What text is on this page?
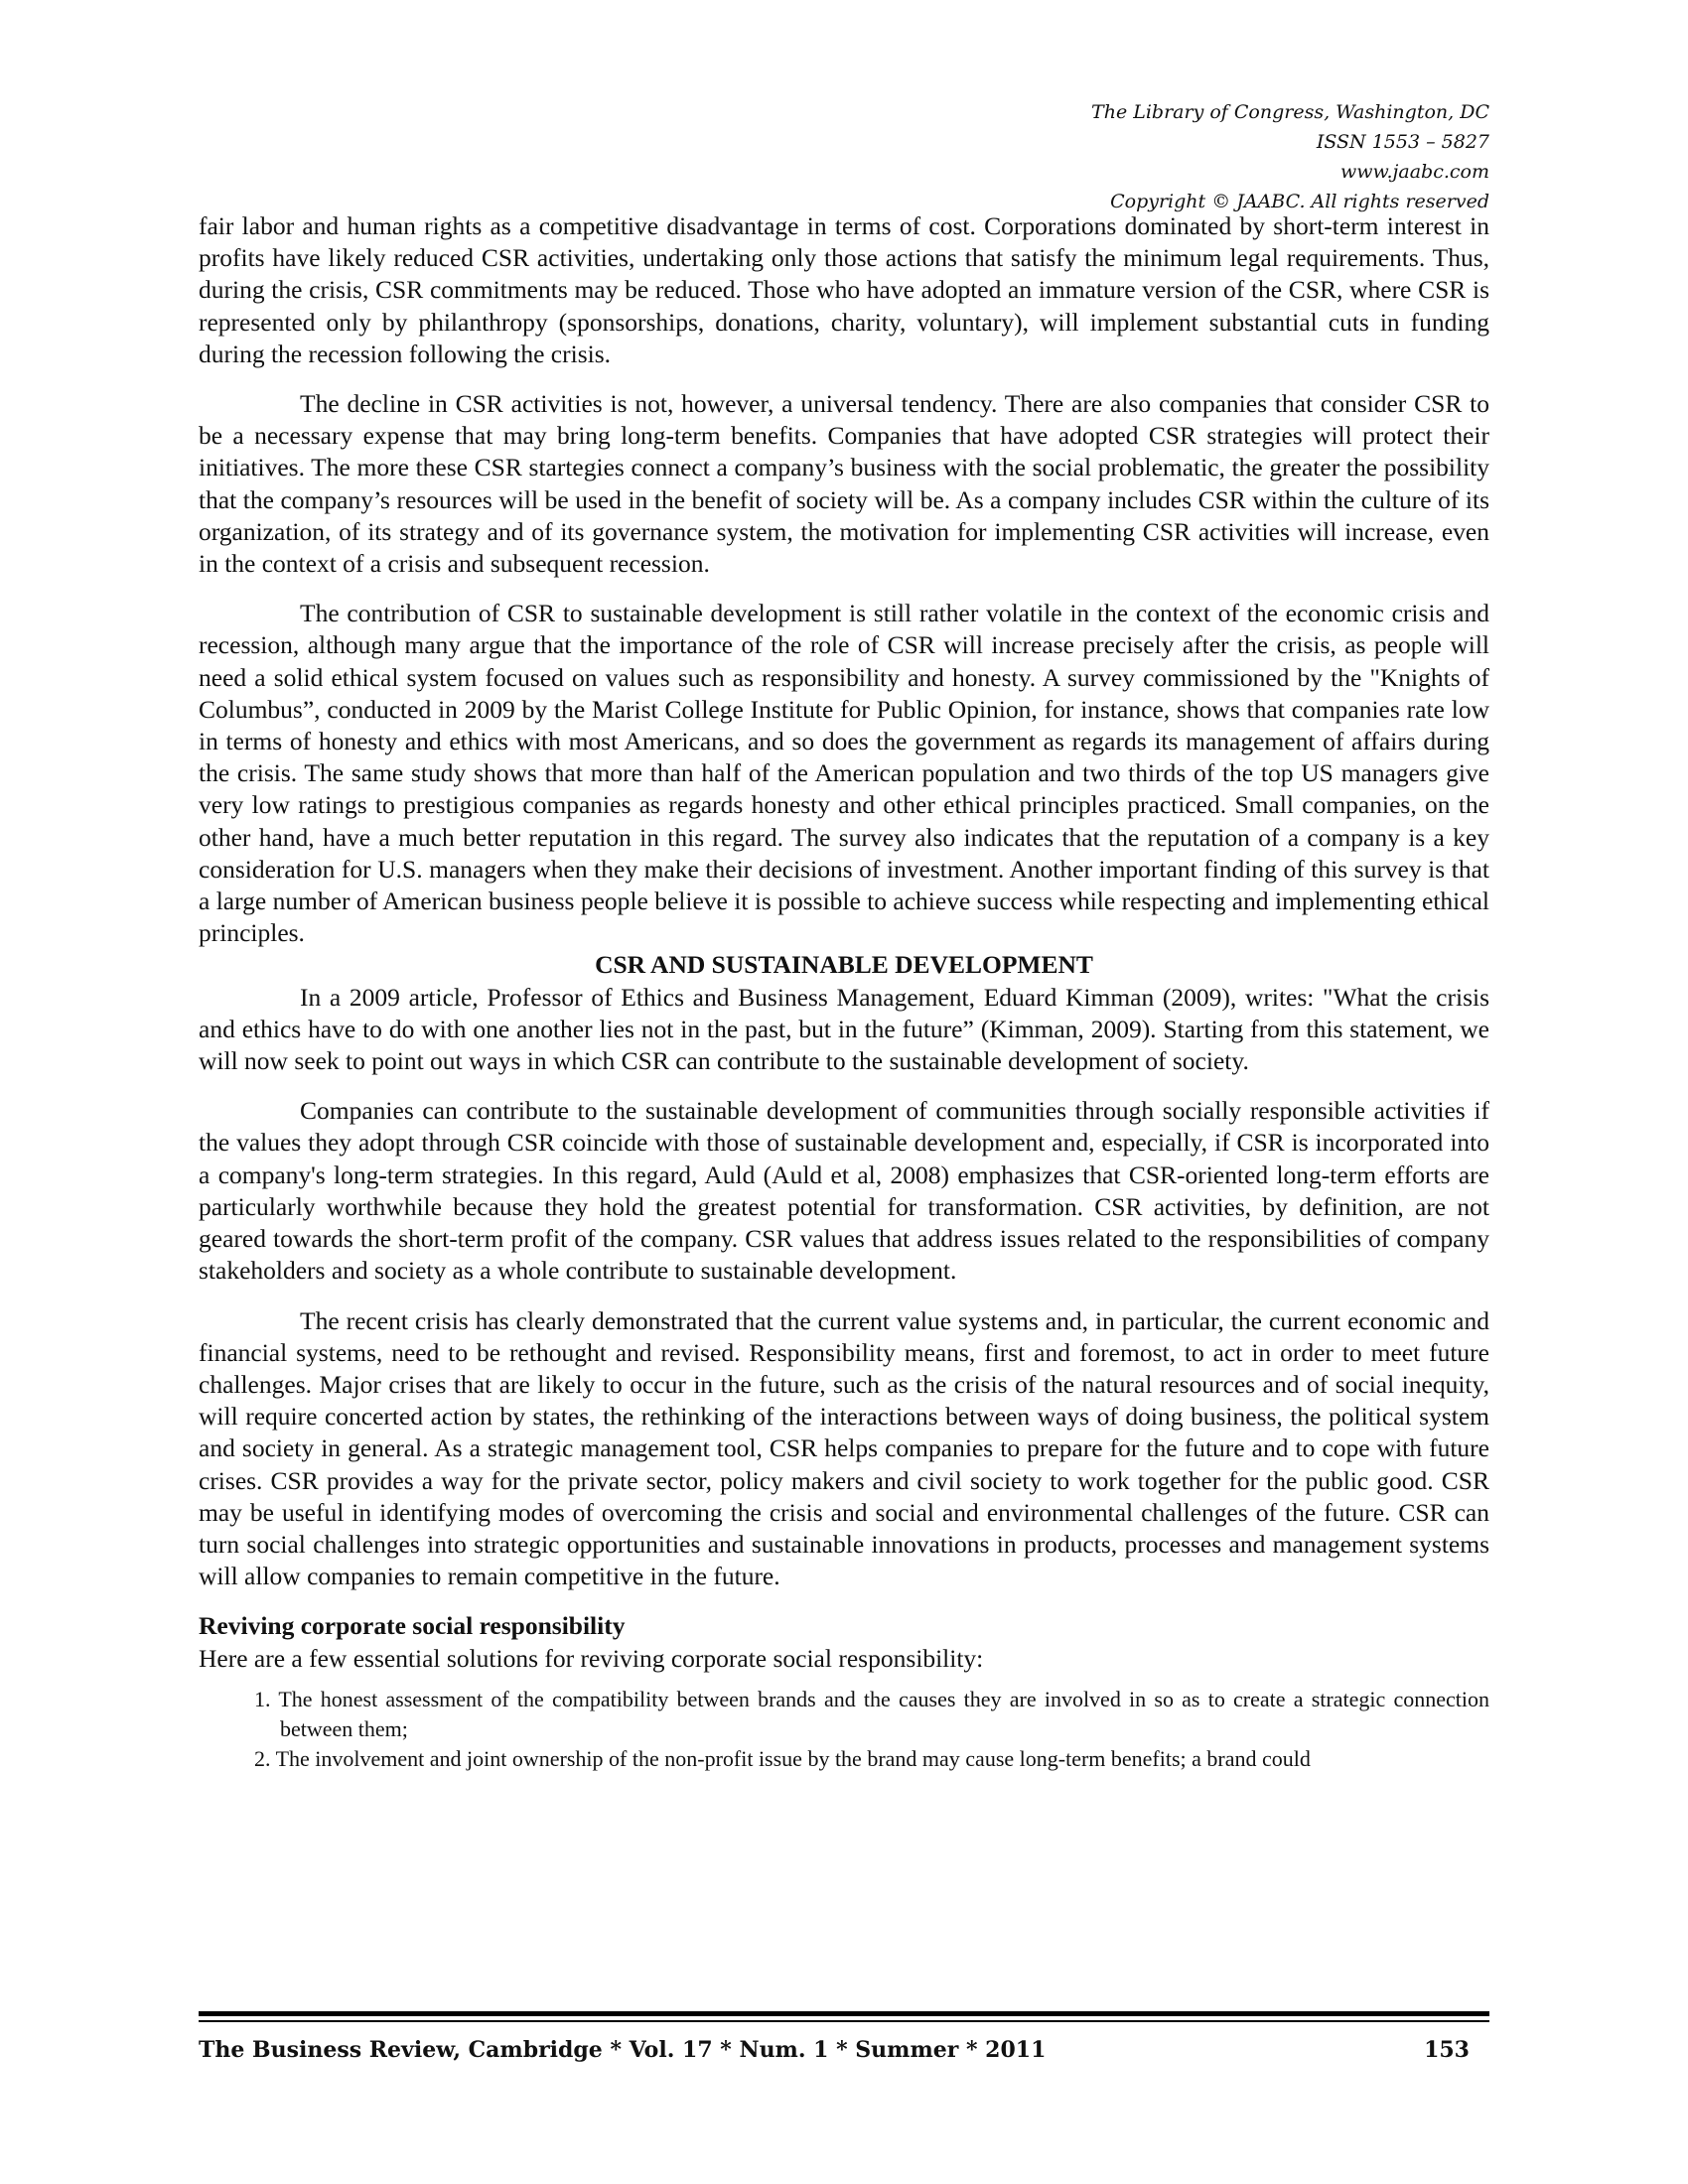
The Library of Congress, Washington, DC
ISSN 1553 – 5827
www.jaabc.com
Copyright © JAABC. All rights reserved

fair labor and human rights as a competitive disadvantage in terms of cost. Corporations dominated by short-term interest in profits have likely reduced CSR activities, undertaking only those actions that satisfy the minimum legal requirements. Thus, during the crisis, CSR commitments may be reduced. Those who have adopted an immature version of the CSR, where CSR is represented only by philanthropy (sponsorships, donations, charity, voluntary), will implement substantial cuts in funding during the recession following the crisis.

The decline in CSR activities is not, however, a universal tendency. There are also companies that consider CSR to be a necessary expense that may bring long-term benefits. Companies that have adopted CSR strategies will protect their initiatives. The more these CSR startegies connect a company’s business with the social problematic, the greater the possibility that the company’s resources will be used in the benefit of society will be. As a company includes CSR within the culture of its organization, of its strategy and of its governance system, the motivation for implementing CSR activities will increase, even in the context of a crisis and subsequent recession.

The contribution of CSR to sustainable development is still rather volatile in the context of the economic crisis and recession, although many argue that the importance of the role of CSR will increase precisely after the crisis, as people will need a solid ethical system focused on values such as responsibility and honesty. A survey commissioned by the "Knights of Columbus”, conducted in 2009 by the Marist College Institute for Public Opinion, for instance, shows that companies rate low in terms of honesty and ethics with most Americans, and so does the government as regards its management of affairs during the crisis. The same study shows that more than half of the American population and two thirds of the top US managers give very low ratings to prestigious companies as regards honesty and other ethical principles practiced. Small companies, on the other hand, have a much better reputation in this regard. The survey also indicates that the reputation of a company is a key consideration for U.S. managers when they make their decisions of investment. Another important finding of this survey is that a large number of American business people believe it is possible to achieve success while respecting and implementing ethical principles.

CSR AND SUSTAINABLE DEVELOPMENT

In a 2009 article, Professor of Ethics and Business Management, Eduard Kimman (2009), writes: "What the crisis and ethics have to do with one another lies not in the past, but in the future” (Kimman, 2009). Starting from this statement, we will now seek to point out ways in which CSR can contribute to the sustainable development of society.

Companies can contribute to the sustainable development of communities through socially responsible activities if the values they adopt through CSR coincide with those of sustainable development and, especially, if CSR is incorporated into a company's long-term strategies. In this regard, Auld (Auld et al, 2008) emphasizes that CSR-oriented long-term efforts are particularly worthwhile because they hold the greatest potential for transformation. CSR activities, by definition, are not geared towards the short-term profit of the company. CSR values that address issues related to the responsibilities of company stakeholders and society as a whole contribute to sustainable development.

The recent crisis has clearly demonstrated that the current value systems and, in particular, the current economic and financial systems, need to be rethought and revised. Responsibility means, first and foremost, to act in order to meet future challenges. Major crises that are likely to occur in the future, such as the crisis of the natural resources and of social inequity, will require concerted action by states, the rethinking of the interactions between ways of doing business, the political system and society in general. As a strategic management tool, CSR helps companies to prepare for the future and to cope with future crises. CSR provides a way for the private sector, policy makers and civil society to work together for the public good. CSR may be useful in identifying modes of overcoming the crisis and social and environmental challenges of the future. CSR can turn social challenges into strategic opportunities and sustainable innovations in products, processes and management systems will allow companies to remain competitive in the future.

Reviving corporate social responsibility
Here are a few essential solutions for reviving corporate social responsibility:
1. The honest assessment of the compatibility between brands and the causes they are involved in so as to create a strategic connection between them;
2. The involvement and joint ownership of the non-profit issue by the brand may cause long-term benefits; a brand could
The Business Review, Cambridge * Vol. 17 * Num. 1 * Summer * 2011	153
